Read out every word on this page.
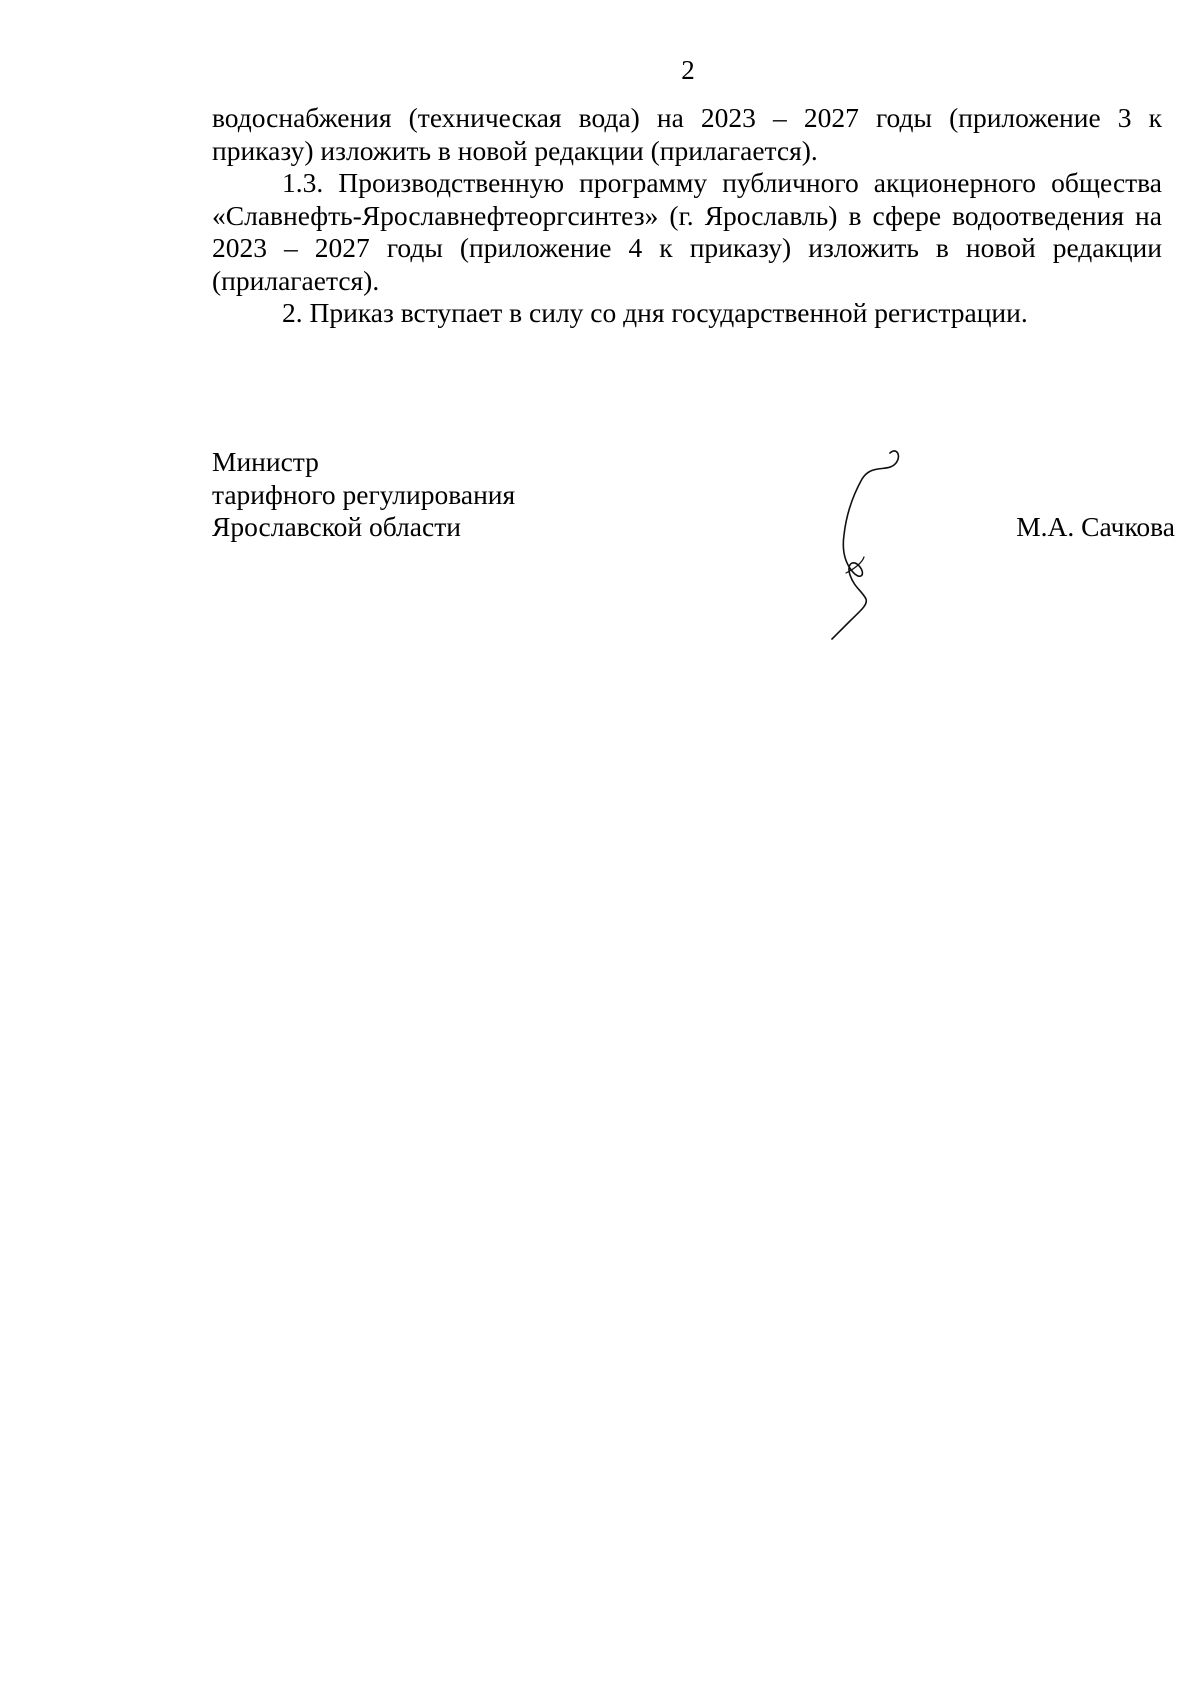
2

водоснабжения (техническая вода) на 2023 – 2027 годы (приложение 3 к приказу) изложить в новой редакции (прилагается).

1.3. Производственную программу публичного акционерного общества «Славнефть-Ярославнефтеоргсинтез» (г. Ярославль) в сфере водоотведения на 2023 – 2027 годы (приложение 4 к приказу) изложить в новой редакции (прилагается).

2. Приказ вступает в силу со дня государственной регистрации.

Министр
тарифного регулирования
Ярославской области	М.А. Сачкова
